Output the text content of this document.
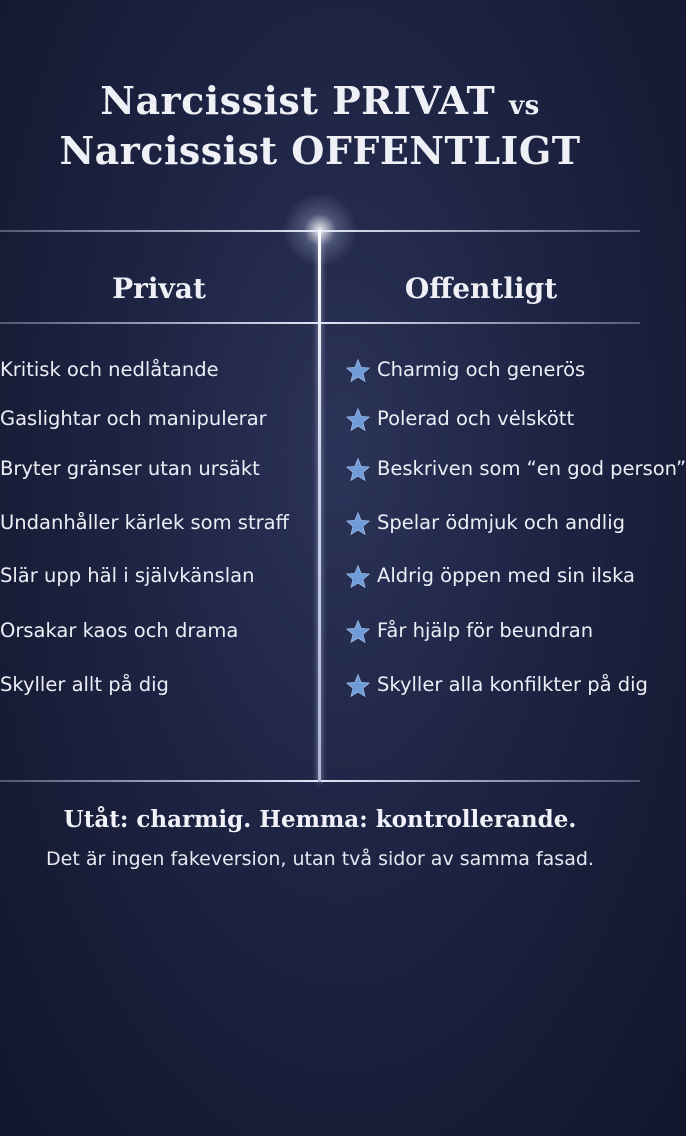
Narcissist PRIVAT vs
Narcissist OFFENTLIGT
Privat	Offentligt
Kritisk och nedlåtande
Gaslightar och manipulerar
Bryter gränser utan ursäkt
Undanhåller kärlek som straff
Slär upp häl i självkänslan
Orsakar kaos och drama
Skyller allt på dig
Charmig och generös
Polerad och vėlskött
Beskriven som “en god person”
Spelar ödmjuk och andlig
Aldrig öppen med sin ilska
Får hjälp för beundran
Skyller alla konfilkter på dig
Utåt: charmig. Hemma: kontrollerande.
Det är ingen fakeversion, utan två sidor av samma fasad.
